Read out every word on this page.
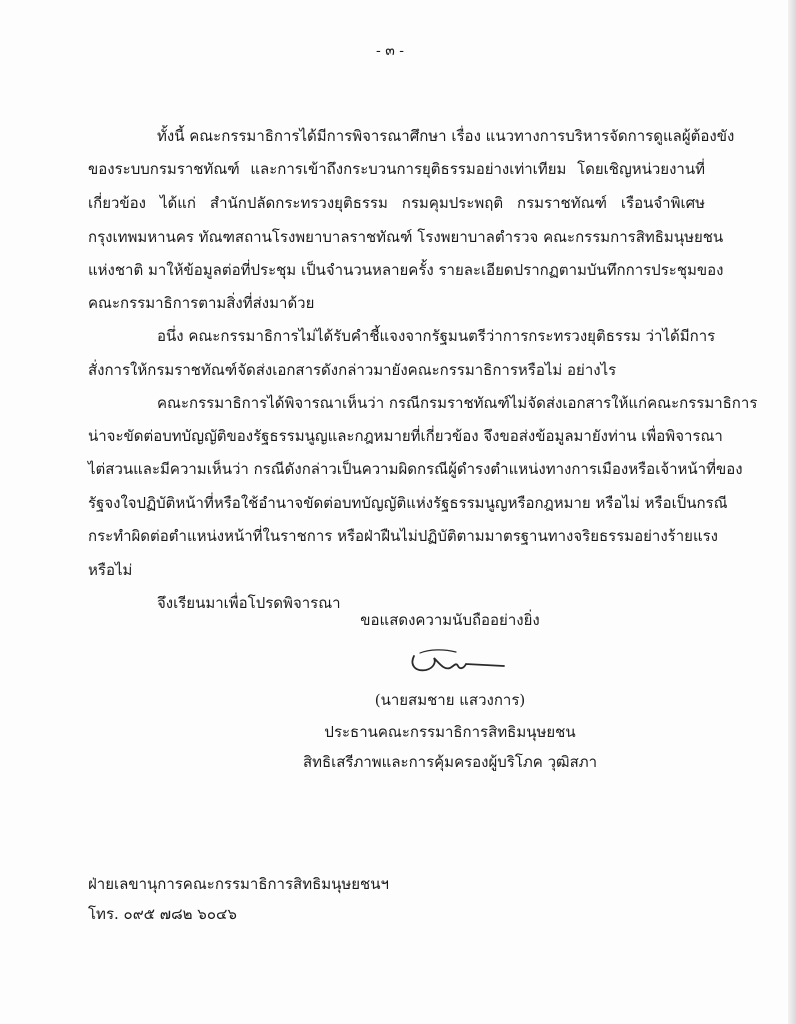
- ๓ -
ทั้งนี้ คณะกรรมาธิการได้มีการพิจารณาศึกษา เรื่อง แนวทางการบริหารจัดการดูแลผู้ต้องขัง
ของระบบกรมราชทัณฑ์ และการเข้าถึงกระบวนการยุติธรรมอย่างเท่าเทียม โดยเชิญหน่วยงานที่
เกี่ยวข้อง ได้แก่ สำนักปลัดกระทรวงยุติธรรม กรมคุมประพฤติ กรมราชทัณฑ์ เรือนจำพิเศษ
กรุงเทพมหานคร ทัณฑสถานโรงพยาบาลราชทัณฑ์ โรงพยาบาลตำรวจ คณะกรรมการสิทธิมนุษยชน
แห่งชาติ มาให้ข้อมูลต่อที่ประชุม เป็นจำนวนหลายครั้ง รายละเอียดปรากฏตามบันทึกการประชุมของ
คณะกรรมาธิการตามสิ่งที่ส่งมาด้วย
อนึ่ง คณะกรรมาธิการไม่ได้รับคำชี้แจงจากรัฐมนตรีว่าการกระทรวงยุติธรรม ว่าได้มีการ
สั่งการให้กรมราชทัณฑ์จัดส่งเอกสารดังกล่าวมายังคณะกรรมาธิการหรือไม่ อย่างไร
คณะกรรมาธิการได้พิจารณาเห็นว่า กรณีกรมราชทัณฑ์ไม่จัดส่งเอกสารให้แก่คณะกรรมาธิการ
น่าจะขัดต่อบทบัญญัติของรัฐธรรมนูญและกฎหมายที่เกี่ยวข้อง จึงขอส่งข้อมูลมายังท่าน เพื่อพิจารณา
ไต่สวนและมีความเห็นว่า กรณีดังกล่าวเป็นความผิดกรณีผู้ดำรงตำแหน่งทางการเมืองหรือเจ้าหน้าที่ของ
รัฐจงใจปฏิบัติหน้าที่หรือใช้อำนาจขัดต่อบทบัญญัติแห่งรัฐธรรมนูญหรือกฎหมาย หรือไม่ หรือเป็นกรณี
กระทำผิดต่อตำแหน่งหน้าที่ในราชการ หรือฝ่าฝืนไม่ปฏิบัติตามมาตรฐานทางจริยธรรมอย่างร้ายแรง
หรือไม่
จึงเรียนมาเพื่อโปรดพิจารณา
ขอแสดงความนับถืออย่างยิ่ง
(นายสมชาย แสวงการ)
ประธานคณะกรรมาธิการสิทธิมนุษยชน
สิทธิเสรีภาพและการคุ้มครองผู้บริโภค วุฒิสภา
ฝ่ายเลขานุการคณะกรรมาธิการสิทธิมนุษยชนฯ
โทร. ๐๙๕ ๗๘๒ ๖๐๔๖
